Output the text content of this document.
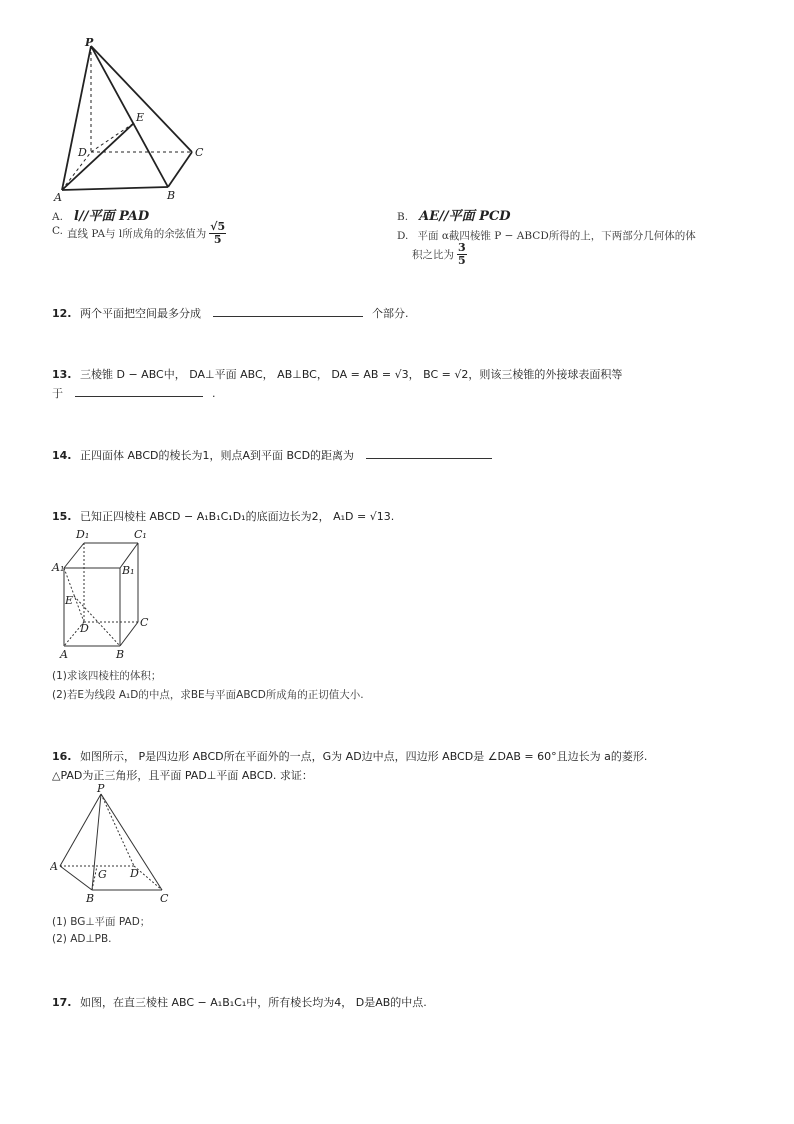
P
E
D	C
A	B
A. l//平面 PAD	B. AE//平面 PCD
C. 直线 PA与 l所成角的余弦值为 $\frac{√5}{5}$	D. 平面 α截四棱锥 P − ABCD所得的上，下两部分几何体的体
积之比为 $\frac{3}{5}$
12. 两个平面把空间最多分成	个部分.
13. 三棱锥 D − ABC中， DA⊥平面 ABC， AB⊥BC， DA = AB = √3， BC = √2，则该三棱锥的外接球表面积等
于	.
14. 正四面体 ABCD的棱长为1，则点A到平面 BCD的距离为
15. 已知正四棱柱 ABCD − A₁B₁C₁D₁的底面边长为2， A₁D = √13.
D₁	C₁
A₁	B₁
E
D	C
A	B
(1)求该四棱柱的体积；
(2)若E为线段 A₁D的中点，求BE与平面ABCD所成角的正切值大小.
16. 如图所示， P是四边形 ABCD所在平面外的一点，G为 AD边中点，四边形 ABCD是 ∠DAB = 60°且边长为 a的菱形.
△PAD为正三角形，且平面 PAD⊥平面 ABCD. 求证：
P
A
G D
B	C
(1) BG⊥平面 PAD；
(2) AD⊥PB.
17. 如图，在直三棱柱 ABC − A₁B₁C₁中，所有棱长均为4， D是AB的中点.
